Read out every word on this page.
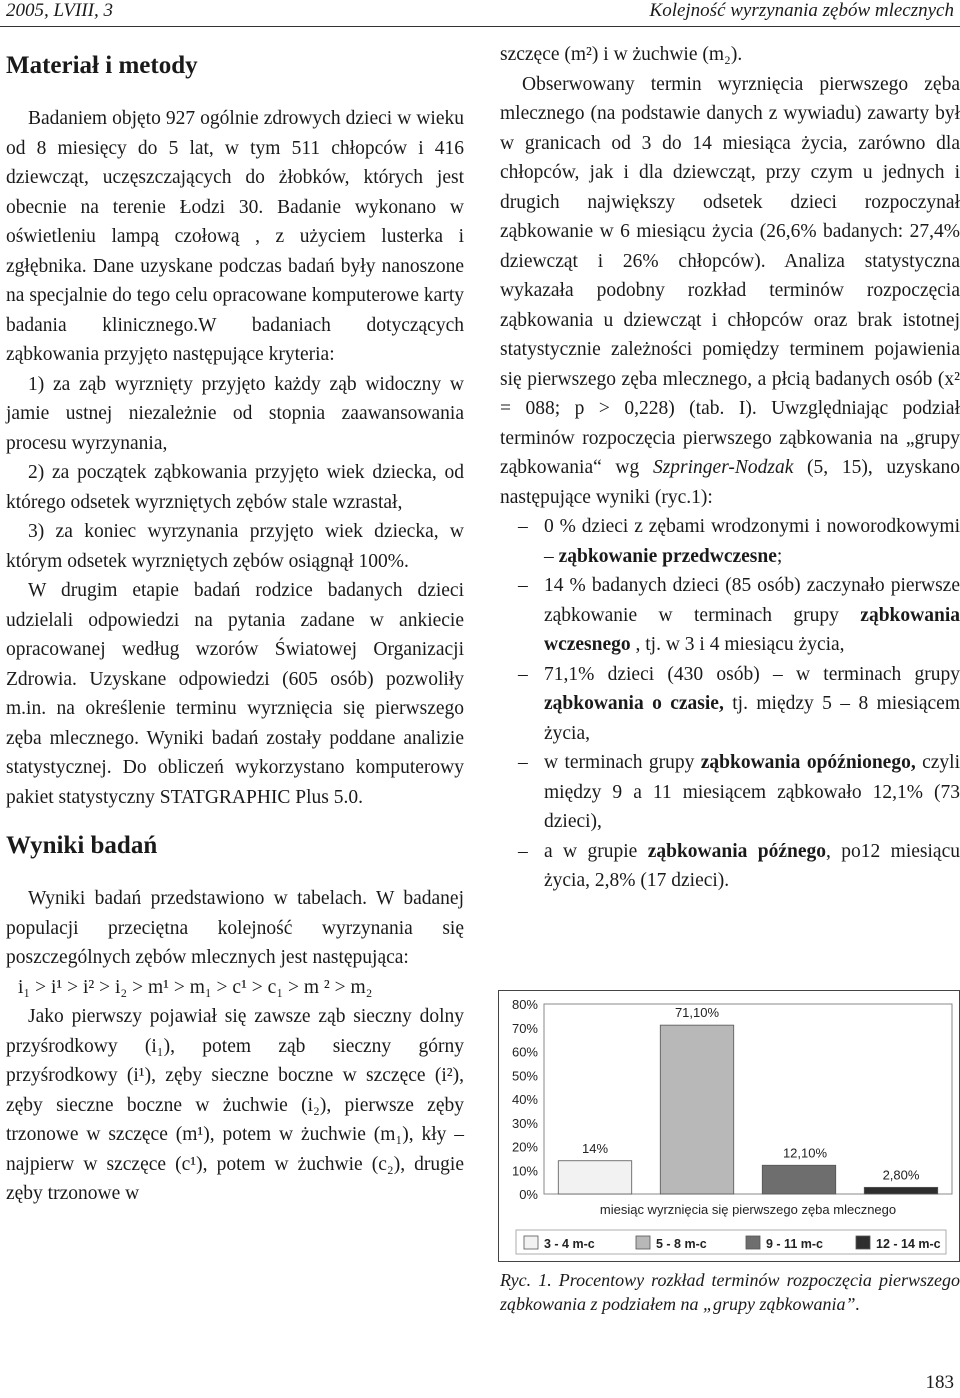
2005, LVIII, 3	Kolejność wyrzynania zębów mlecznych
Materiał i metody

Badaniem objęto 927 ogólnie zdrowych dzieci w wieku od 8 miesięcy do 5 lat, w tym 511 chłopców i 416 dziewcząt, uczęszczających do żłobków, których jest obecnie na terenie Łodzi 30. Badanie wykonano w oświetleniu lampą czołową , z użyciem lusterka i zgłębnika. Dane uzyskane podczas badań były nanoszone na specjalnie do tego celu opracowane komputerowe karty badania klinicznego.W badaniach dotyczących ząbkowania przyjęto następujące kryteria:

1) za ząb wyrznięty przyjęto każdy ząb widoczny w jamie ustnej niezależnie od stopnia zaawansowania procesu wyrzynania,

2) za początek ząbkowania przyjęto wiek dziecka, od którego odsetek wyrzniętych zębów stale wzrastał,

3) za koniec wyrzynania przyjęto wiek dziecka, w którym odsetek wyrzniętych zębów osiągnął 100%.

W drugim etapie badań rodzice badanych dzieci udzielali odpowiedzi na pytania zadane w ankiecie opracowanej według wzorów Światowej Organizacji Zdrowia. Uzyskane odpowiedzi (605 osób) pozwoliły m.in. na określenie terminu wyrznięcia się pierwszego zęba mlecznego. Wyniki badań zostały poddane analizie statystycznej. Do obliczeń wykorzystano komputerowy pakiet statystyczny STATGRAPHIC Plus 5.0.

Wyniki badań

Wyniki badań przedstawiono w tabelach. W badanej populacji przeciętna kolejność wyrzynania się poszczególnych zębów mlecznych jest następująca:

i₁ > i¹ > i² > i₂ > m¹ > m₁ > c¹ > c₁ > m ² > m₂

Jako pierwszy pojawiał się zawsze ząb sieczny dolny przyśrodkowy (i₁), potem ząb sieczny górny przyśrodkowy (i¹), zęby sieczne boczne w szczęce (i²), zęby sieczne boczne w żuchwie (i₂), pierwsze zęby trzonowe w szczęce (m¹), potem w żuchwie (m₁), kły – najpierw w szczęce (c¹), potem w żuchwie (c₂), drugie zęby trzonowe w

szczęce (m²) i w żuchwie (m₂).

Obserwowany termin wyrznięcia pierwszego zęba mlecznego (na podstawie danych z wywiadu) zawarty był w granicach od 3 do 14 miesiąca życia, zarówno dla chłopców, jak i dla dziewcząt, przy czym u jednych i drugich największy odsetek dzieci rozpoczynał ząbkowanie w 6 miesiącu życia (26,6% badanych: 27,4% dziewcząt i 26% chłopców). Analiza statystyczna wykazała podobny rozkład terminów rozpoczęcia ząbkowania u dziewcząt i chłopców oraz brak istotnej statystycznie zależności pomiędzy terminem pojawienia się pierwszego zęba mlecznego, a płcią badanych osób (x² = 088; p > 0,228) (tab. I). Uwzględniając podział terminów rozpoczęcia pierwszego ząbkowania na „grupy ząbkowania“ wg Szpringer-Nodzak (5, 15), uzyskano następujące wyniki (ryc.1):

– 0 % dzieci z zębami wrodzonymi i noworodkowymi – ząbkowanie przedwczesne;
– 14 % badanych dzieci (85 osób) zaczynało pierwsze ząbkowanie w terminach grupy ząbkowania wczesnego , tj. w 3 i 4 miesiącu życia,
– 71,1% dzieci (430 osób) – w terminach grupy ząbkowania o czasie, tj. między 5 – 8 miesiącem życia,
– w terminach grupy ząbkowania opóźnionego, czyli między 9 a 11 miesiącem ząbkowało 12,1% (73 dzieci),
– a w grupie ząbkowania późnego, po12 miesiącu życia, 2,8% (17 dzieci).
0%
10%
20%
30%
40%
50%
60%
70%
80%
14%
71,10%
12,10%
2,80%
miesiąc wyrznięcia się pierwszego zęba mlecznego
3 - 4 m-c	5 - 8 m-c	9 - 11 m-c	12 - 14 m-c

Ryc. 1. Procentowy rozkład terminów rozpoczęcia pierwszego ząbkowania z podziałem na „grupy ząbkowania”.

183
